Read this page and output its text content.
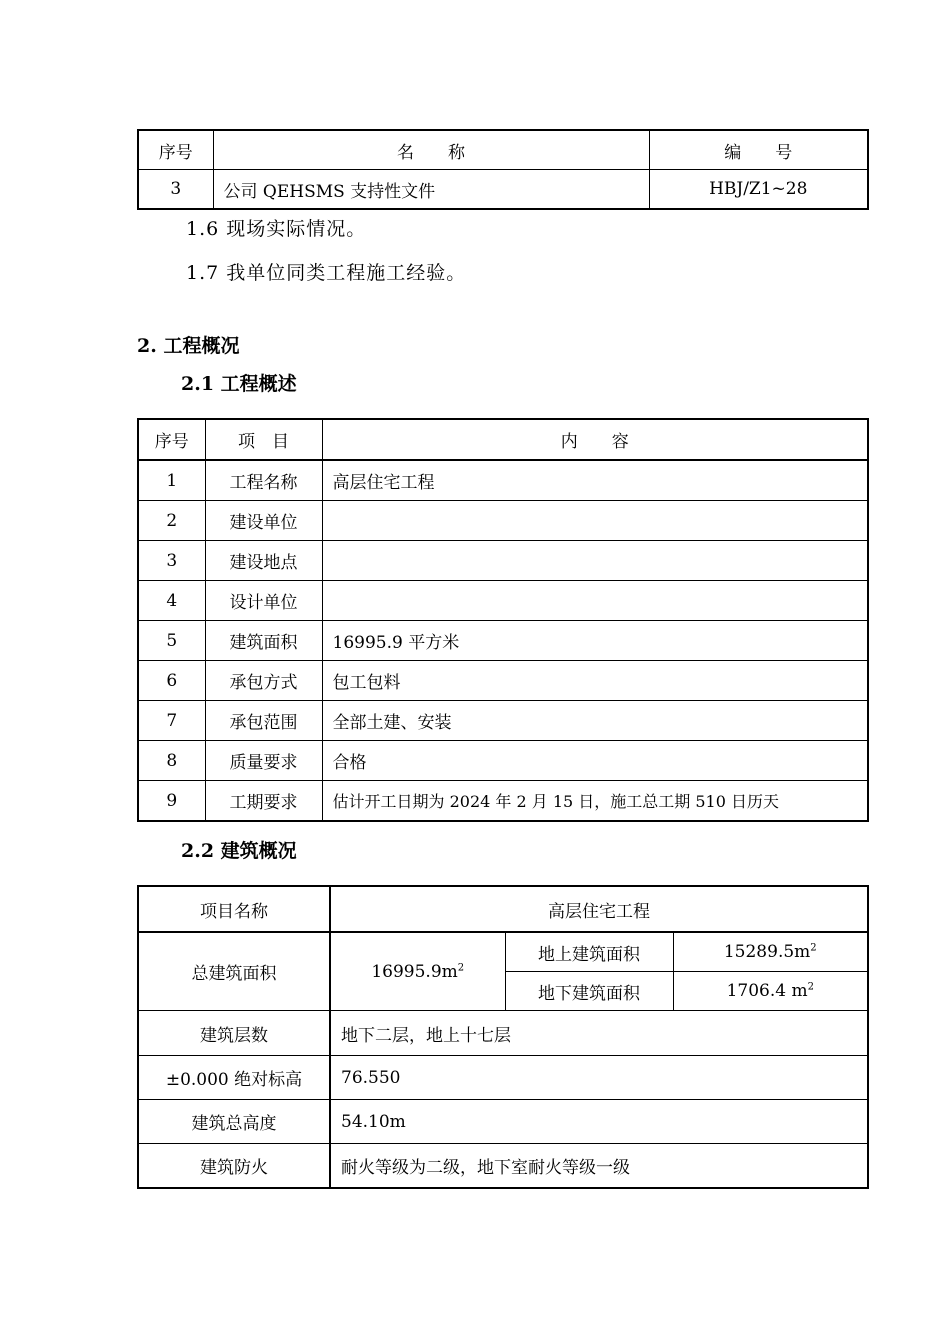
序号	名　　称	编　　号
3	公司 QEHSMS 支持性文件	HBJ/Z1~28
1.6 现场实际情况。
1.7 我单位同类工程施工经验。
2. 工程概况
2.1 工程概述
序号	项　目	内　　容
1	工程名称	高层住宅工程
2	建设单位	
3	建设地点	
4	设计单位	
5	建筑面积	16995.9 平方米
6	承包方式	包工包料
7	承包范围	全部土建、安装
8	质量要求	合格
9	工期要求	估计开工日期为 2024 年 2 月 15 日，施工总工期 510 日历天
2.2 建筑概况
项目名称	高层住宅工程		
总建筑面积	$16995.9m^2$	地上建筑面积	$15289.5m^2$
		地下建筑面积	1706.4 $m^2$
建筑层数	地下二层，地上十七层		
±0.000 绝对标高	76.550		
建筑总高度	54.10m		
建筑防火	耐火等级为二级，地下室耐火等级一级		
